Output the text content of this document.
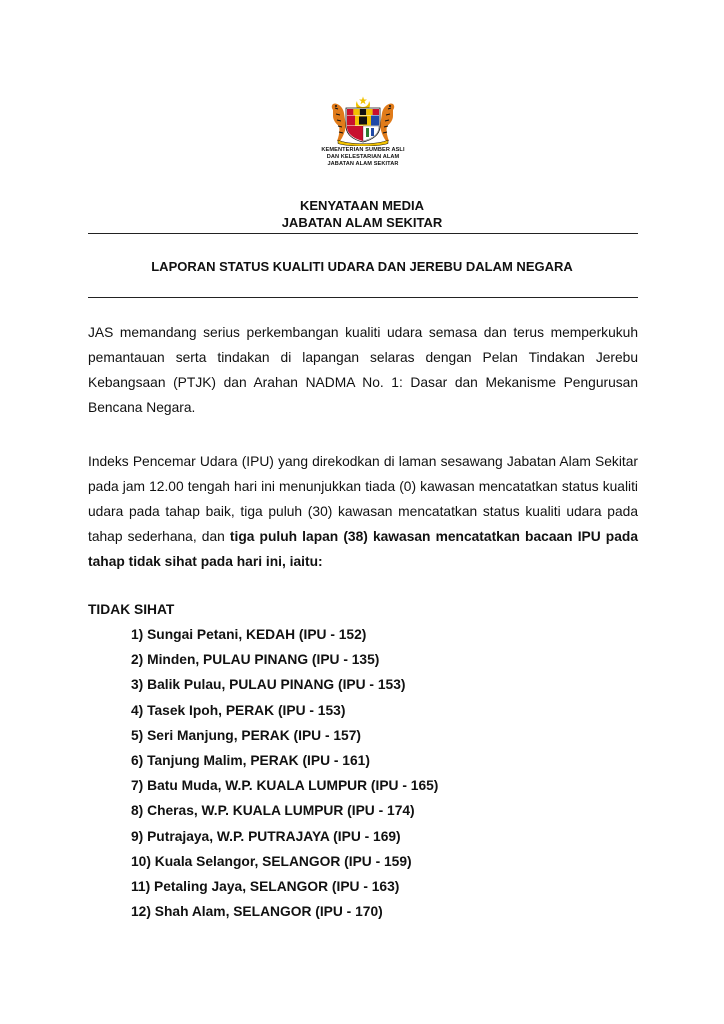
KEMENTERIAN SUMBER ASLI
DAN KELESTARIAN ALAM
JABATAN ALAM SEKITAR
KENYATAAN MEDIA
JABATAN ALAM SEKITAR
LAPORAN STATUS KUALITI UDARA DAN JEREBU DALAM NEGARA
JAS memandang serius perkembangan kualiti udara semasa dan terus memperkukuh pemantauan serta tindakan di lapangan selaras dengan Pelan Tindakan Jerebu Kebangsaan (PTJK) dan Arahan NADMA No. 1: Dasar dan Mekanisme Pengurusan Bencana Negara.
Indeks Pencemar Udara (IPU) yang direkodkan di laman sesawang Jabatan Alam Sekitar pada jam 12.00 tengah hari ini menunjukkan tiada (0) kawasan mencatatkan status kualiti udara pada tahap baik, tiga puluh (30) kawasan mencatatkan status kualiti udara pada tahap sederhana, dan tiga puluh lapan (38) kawasan mencatatkan bacaan IPU pada tahap tidak sihat pada hari ini, iaitu:
TIDAK SIHAT
1) Sungai Petani, KEDAH (IPU - 152)
2) Minden, PULAU PINANG (IPU - 135)
3) Balik Pulau, PULAU PINANG (IPU - 153)
4) Tasek Ipoh, PERAK (IPU - 153)
5) Seri Manjung, PERAK (IPU - 157)
6) Tanjung Malim, PERAK (IPU - 161)
7) Batu Muda, W.P. KUALA LUMPUR (IPU - 165)
8) Cheras, W.P. KUALA LUMPUR (IPU - 174)
9) Putrajaya, W.P. PUTRAJAYA (IPU - 169)
10) Kuala Selangor, SELANGOR (IPU - 159)
11) Petaling Jaya, SELANGOR (IPU - 163)
12) Shah Alam, SELANGOR (IPU - 170)
